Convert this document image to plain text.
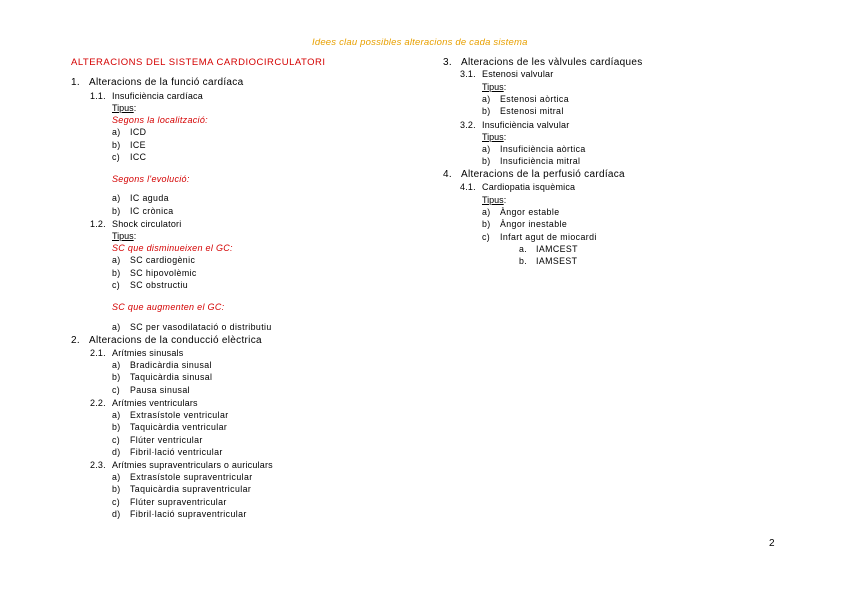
Idees clau possibles alteracions de cada sistema
ALTERACIONS DEL SISTEMA CARDIOCIRCULATORI
1. Alteracions de la funció cardíaca
1.1. Insuficiència cardíaca
Tipus:
Segons la localització:
a) ICD
b) ICE
c) ICC
Segons l'evolució:
a) IC aguda
b) IC crònica
1.2. Shock circulatori
Tipus:
SC que disminueixen el GC:
a) SC cardiogènic
b) SC hipovolèmic
c) SC obstructiu
SC que augmenten el GC:
a) SC per vasodilatació o distributiu
2. Alteracions de la conducció elèctrica
2.1. Arítmies sinusals
a) Bradicàrdia sinusal
b) Taquicàrdia sinusal
c) Pausa sinusal
2.2. Arítmies ventriculars
a) Extrasístole ventricular
b) Taquicàrdia ventricular
c) Flúter ventricular
d) Fibril·lació ventricular
2.3. Arítmies supraventriculars o auriculars
a) Extrasístole supraventricular
b) Taquicàrdia supraventricular
c) Flúter supraventricular
d) Fibril·lació supraventricular
3. Alteracions de les vàlvules cardíaques
3.1. Estenosi valvular
Tipus:
a) Estenosi aòrtica
b) Estenosi mitral
3.2. Insuficiència valvular
Tipus:
a) Insuficiència aòrtica
b) Insuficiència mitral
4. Alteracions de la perfusió cardíaca
4.1. Cardiopatia isquèmica
Tipus:
a) Àngor estable
b) Àngor inestable
c) Infart agut de miocardi
a. IAMCEST
b. IAMSEST
2
